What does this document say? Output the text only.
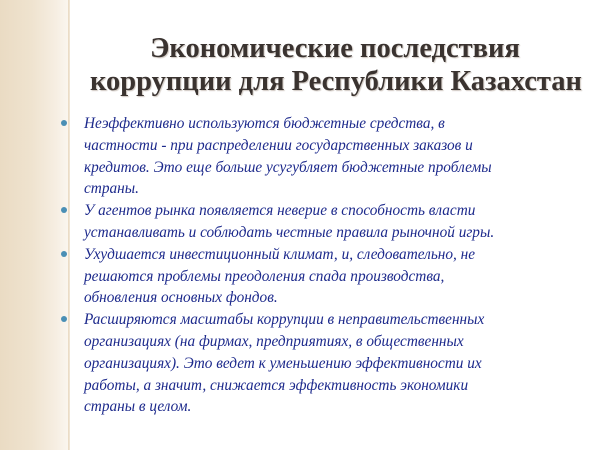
Экономические последствия
коррупции для Республики Казахстан
Неэффективно используются бюджетные средства, в
частности - при распределении государственных заказов и
кредитов. Это еще больше усугубляет бюджетные проблемы
страны.
У агентов рынка появляется неверие в способность власти
устанавливать и соблюдать честные правила рыночной игры.
Ухудшается инвестиционный климат, и, следовательно, не
решаются проблемы преодоления спада производства,
обновления основных фондов.
Расширяются масштабы коррупции в неправительственных
организациях (на фирмах, предприятиях, в общественных
организациях). Это ведет к уменьшению эффективности их
работы, а значит, снижается эффективность экономики
страны в целом.
